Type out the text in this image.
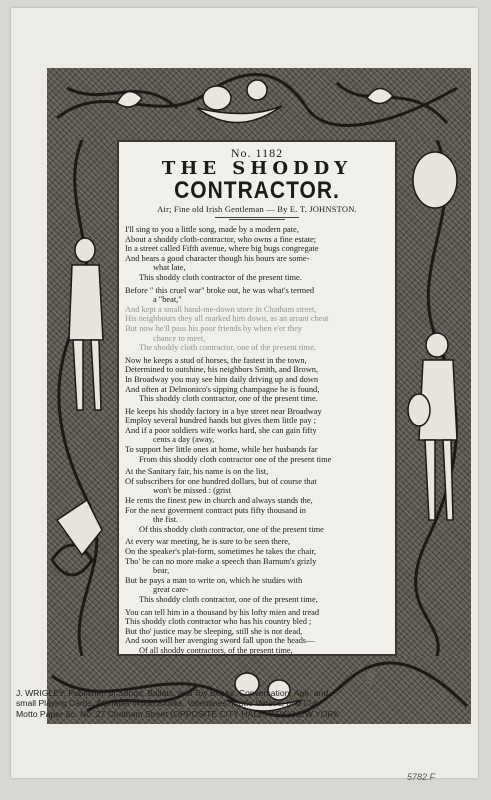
No. 1182
THE SHODDY
CONTRACTOR.
Air; Fine old Irish Gentleman — By E. T. JOHNSTON.
I'll sing to you a little song, made by a modern pate,
About a shoddy cloth-contractor, who owns a fine estate;
In a street called Fifth avenue, where big bugs congregate
And bears a good character though his hours are some-
what late,
This shoddy cloth contractor of the present time.
Before " this cruel war" broke out, he was what's termed
a "beat,"
And kept a small hand-me-down store in Chatham street,
His neighbours they all marked him down, as an arrant cheat
But now he'll pass his poor friends by when e'er they
chance to meet,
The shoddy cloth contractor, one of the present time.
Now he keeps a stud of horses, the fastest in the town,
Determined to outshine, his neighbors Smith, and Brown,
In Broadway you may see him daily driving up and down
And often at Delmonico's sipping champagne he is found,
This shoddy cloth contractor, one of the present time.
He keeps his shoddy factory in a bye street near Broadway
Employ several hundred hands but gives them little pay ;
And if a poor soldiers wife works hard, she can gain fifty
cents a day (away,
To support her little ones at home, while her husbands far
From this shoddy cloth contractor one of the present time
At the Sanitary fair, his name is on the list,
Of subscribers for one hundred dollars, but of course that
won't be missed : (grist
He rents the finest pew in church and always stands the,
For the next goverment contract puts fifty thousand in
the fist.
Of this shoddy cloth contractor, one of the present time
At every war meeting, he is sure to be seen there,
On the speaker's plat-form, sometimes he takes the chair,
Tho' he can no more make a speech than Barnum's grizly
bear,
But he pays a man to write on, which he studies with
great care-
This shoddy cloth contractor, one of the present time,
You can tell him in a thousand by his lofty mien and tread
This shoddy cloth contractor who has his country bled ;
But tho' justice may be sleeping, still she is not dead,
And soon will her avenging sword fall upon the heads—
Of all shoddy contractors, of the present time,
1182
J. WRIGLEY, Publisher, of Songs, Ballats, and Toy Books, Conversation, Age, and
small Playing Cards, Alphabet Wood Blocks, Valentines, Motto Verses, and Cut
Motto Paper &c. No. 27 Chatham Street (OPPOSITE CITY HALL PARK) NEW YORK
5782.F
